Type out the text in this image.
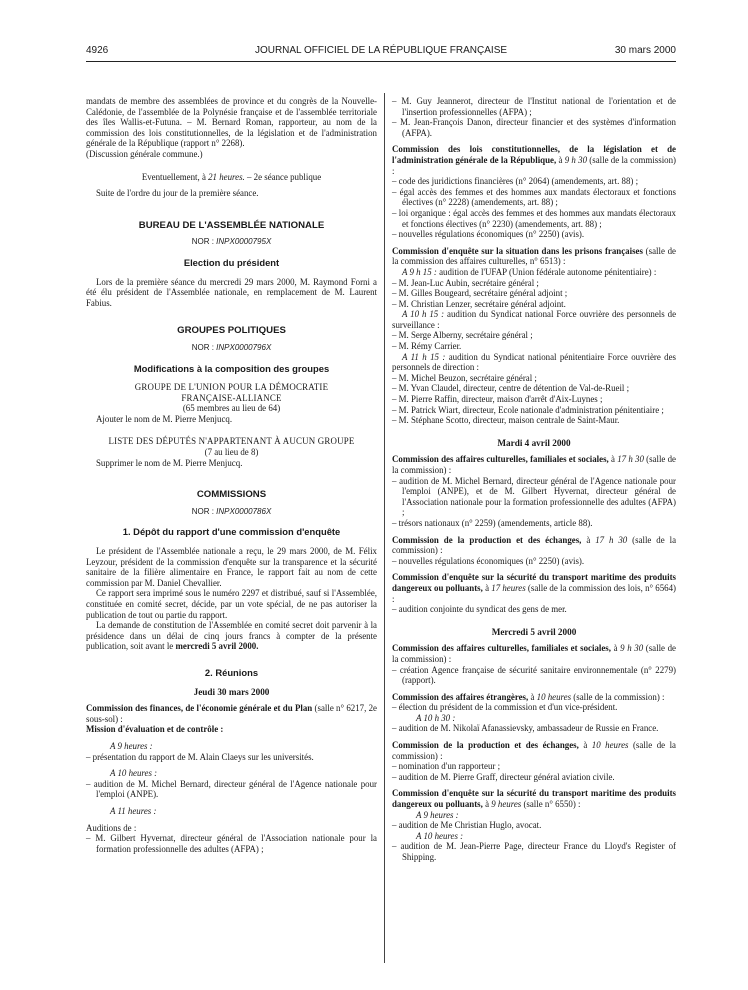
4926	JOURNAL OFFICIEL DE LA RÉPUBLIQUE FRANÇAISE	30 mars 2000

mandats de membre des assemblées de province et du congrès de la Nouvelle-Calédonie, de l'assemblée de la Polynésie française et de l'assemblée territoriale des îles Wallis-et-Futuna. – M. Bernard Roman, rapporteur, au nom de la commission des lois constitutionnelles, de la législation et de l'administration générale de la République (rapport n° 2268).

(Discussion générale commune.)

Eventuellement, à 21 heures. – 2e séance publique

Suite de l'ordre du jour de la première séance.

BUREAU DE L'ASSEMBLÉE NATIONALE
NOR : INPX0000795X
Election du président

Lors de la première séance du mercredi 29 mars 2000, M. Raymond Forni a été élu président de l'Assemblée nationale, en remplacement de M. Laurent Fabius.

GROUPES POLITIQUES
NOR : INPX0000796X
Modifications à la composition des groupes

GROUPE DE L'UNION POUR LA DÉMOCRATIE

FRANÇAISE-ALLIANCE

(65 membres au lieu de 64)

Ajouter le nom de M. Pierre Menjucq.

LISTE DES DÉPUTÉS N'APPARTENANT À AUCUN GROUPE

(7 au lieu de 8)

Supprimer le nom de M. Pierre Menjucq.

COMMISSIONS
NOR : INPX0000786X
1. Dépôt du rapport d'une commission d'enquête

Le président de l'Assemblée nationale a reçu, le 29 mars 2000, de M. Félix Leyzour, président de la commission d'enquête sur la transparence et la sécurité sanitaire de la filière alimentaire en France, le rapport fait au nom de cette commission par M. Daniel Chevallier.

Ce rapport sera imprimé sous le numéro 2297 et distribué, sauf si l'Assemblée, constituée en comité secret, décide, par un vote spécial, de ne pas autoriser la publication de tout ou partie du rapport.

La demande de constitution de l'Assemblée en comité secret doit parvenir à la présidence dans un délai de cinq jours francs à compter de la présente publication, soit avant le mercredi 5 avril 2000.

2. Réunions
Jeudi 30 mars 2000

Commission des finances, de l'économie générale et du Plan (salle n° 6217, 2e sous-sol) :

Mission d'évaluation et de contrôle :

A 9 heures :

– présentation du rapport de M. Alain Claeys sur les universités.

A 10 heures :

– audition de M. Michel Bernard, directeur général de l'Agence nationale pour l'emploi (ANPE).

A 11 heures :

Auditions de :

– M. Gilbert Hyvernat, directeur général de l'Association nationale pour la formation professionnelle des adultes (AFPA) ;

– M. Guy Jeannerot, directeur de l'Institut national de l'orientation et de l'insertion professionnelles (AFPA) ;

– M. Jean-François Danon, directeur financier et des systèmes d'information (AFPA).

Commission des lois constitutionnelles, de la législation et de l'administration générale de la République, à 9 h 30 (salle de la commission) :

– code des juridictions financières (n° 2064) (amendements, art. 88) ;

– égal accès des femmes et des hommes aux mandats électoraux et fonctions électives (n° 2228) (amendements, art. 88) ;

– loi organique : égal accès des femmes et des hommes aux mandats électoraux et fonctions électives (n° 2230) (amendements, art. 88) ;

– nouvelles régulations économiques (n° 2250) (avis).

Commission d'enquête sur la situation dans les prisons françaises (salle de la commission des affaires culturelles, n° 6513) :

A 9 h 15 : audition de l'UFAP (Union fédérale autonome pénitentiaire) :

– M. Jean-Luc Aubin, secrétaire général ;

– M. Gilles Bougeard, secrétaire général adjoint ;

– M. Christian Lenzer, secrétaire général adjoint.

A 10 h 15 : audition du Syndicat national Force ouvrière des personnels de surveillance :

– M. Serge Alberny, secrétaire général ;

– M. Rémy Carrier.

A 11 h 15 : audition du Syndicat national pénitentiaire Force ouvrière des personnels de direction :

– M. Michel Beuzon, secrétaire général ;

– M. Yvan Claudel, directeur, centre de détention de Val-de-Rueil ;

– M. Pierre Raffin, directeur, maison d'arrêt d'Aix-Luynes ;

– M. Patrick Wiart, directeur, Ecole nationale d'administration pénitentiaire ;

– M. Stéphane Scotto, directeur, maison centrale de Saint-Maur.

Mardi 4 avril 2000

Commission des affaires culturelles, familiales et sociales, à 17 h 30 (salle de la commission) :

– audition de M. Michel Bernard, directeur général de l'Agence nationale pour l'emploi (ANPE), et de M. Gilbert Hyvernat, directeur général de l'Association nationale pour la formation professionnelle des adultes (AFPA) ;

– trésors nationaux (n° 2259) (amendements, article 88).

Commission de la production et des échanges, à 17 h 30 (salle de la commission) :

– nouvelles régulations économiques (n° 2250) (avis).

Commission d'enquête sur la sécurité du transport maritime des produits dangereux ou polluants, à 17 heures (salle de la commission des lois, n° 6564) :

– audition conjointe du syndicat des gens de mer.

Mercredi 5 avril 2000

Commission des affaires culturelles, familiales et sociales, à 9 h 30 (salle de la commission) :

– création Agence française de sécurité sanitaire environnementale (n° 2279) (rapport).

Commission des affaires étrangères, à 10 heures (salle de la commission) :

– élection du président de la commission et d'un vice-président.

A 10 h 30 :

– audition de M. Nikolaï Afanassievsky, ambassadeur de Russie en France.

Commission de la production et des échanges, à 10 heures (salle de la commission) :

– nomination d'un rapporteur ;

– audition de M. Pierre Graff, directeur général aviation civile.

Commission d'enquête sur la sécurité du transport maritime des produits dangereux ou polluants, à 9 heures (salle n° 6550) :

A 9 heures :

– audition de Me Christian Huglo, avocat.

A 10 heures :

– audition de M. Jean-Pierre Page, directeur France du Lloyd's Register of Shipping.
